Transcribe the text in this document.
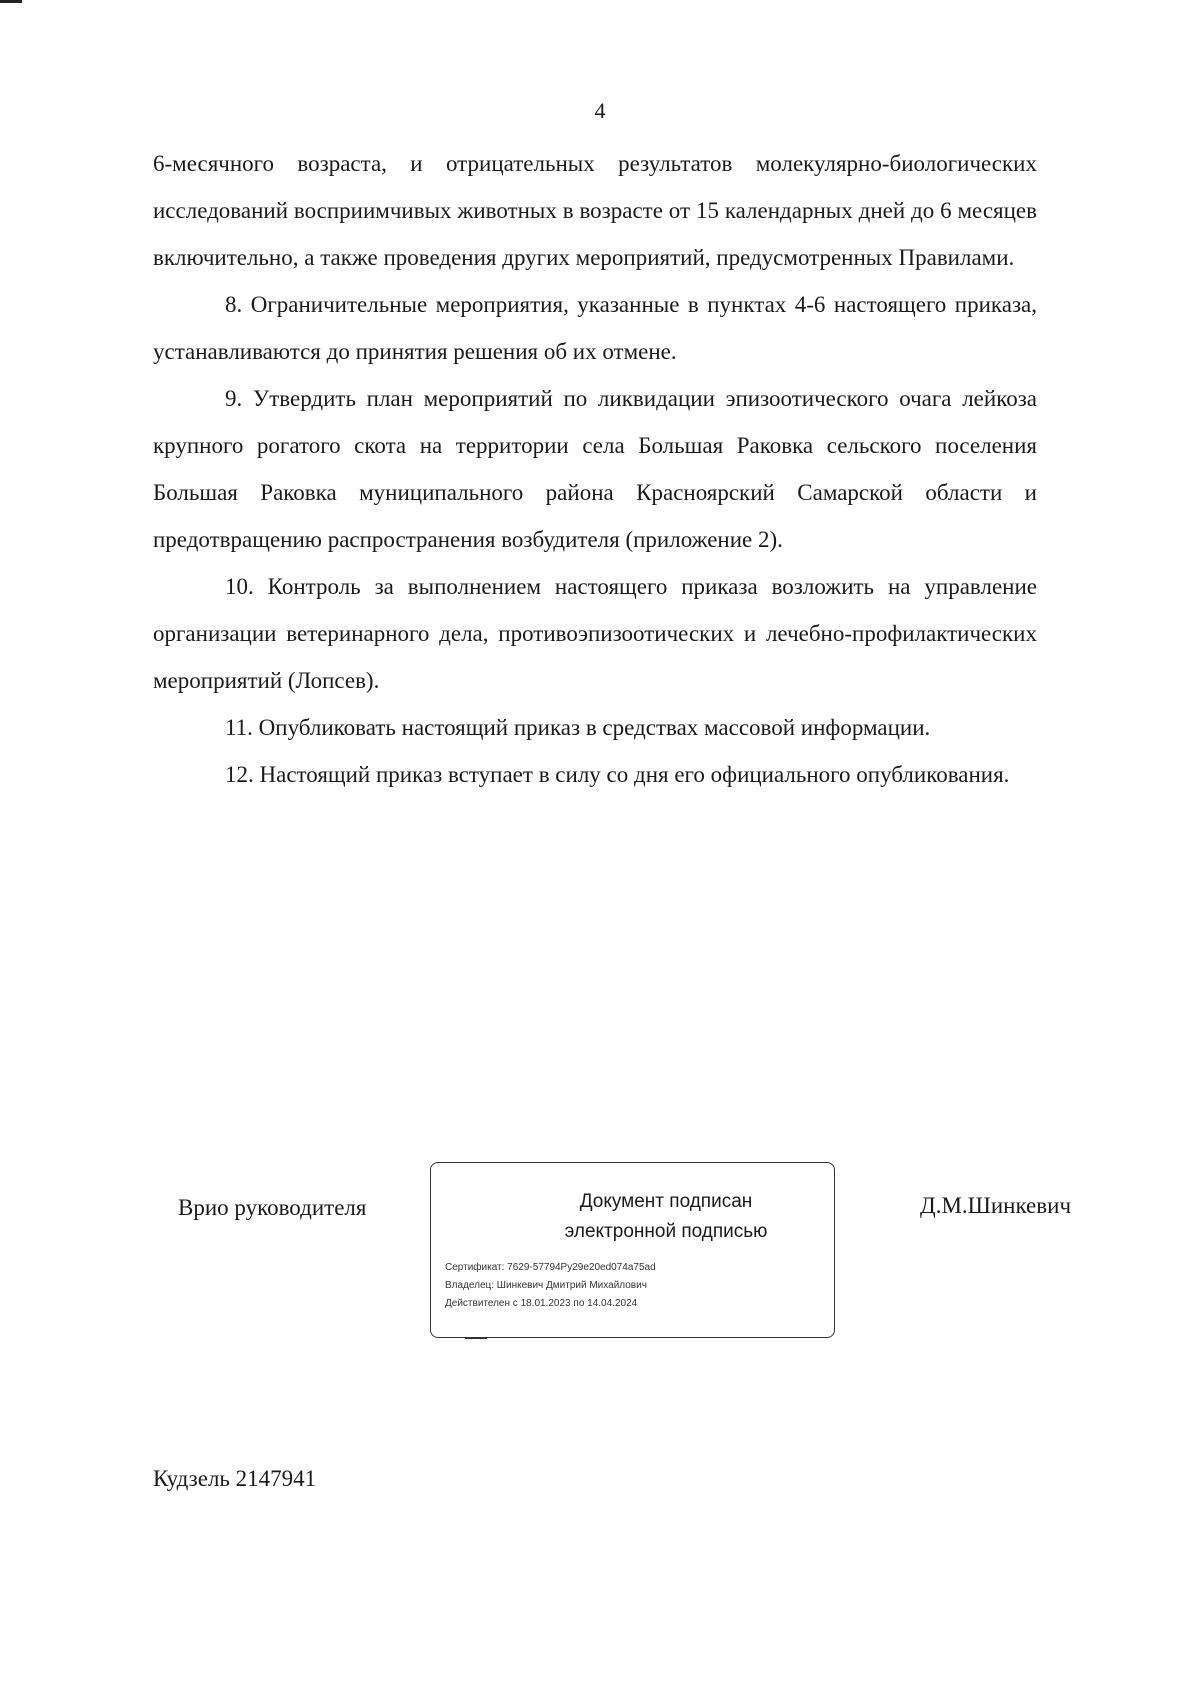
4

6-месячного возраста, и отрицательных результатов молекулярно-биологических исследований восприимчивых животных в возрасте от 15 календарных дней до 6 месяцев включительно, а также проведения других мероприятий, предусмотренных Правилами.

8. Ограничительные мероприятия, указанные в пунктах 4-6 настоящего приказа, устанавливаются до принятия решения об их отмене.

9. Утвердить план мероприятий по ликвидации эпизоотического очага лейкоза крупного рогатого скота на территории села Большая Раковка сельского поселения Большая Раковка муниципального района Красноярский Самарской области и предотвращению распространения возбудителя (приложение 2).

10. Контроль за выполнением настоящего приказа возложить на управление организации ветеринарного дела, противоэпизоотических и лечебно-профилактических мероприятий (Лопсев).

11. Опубликовать настоящий приказ в средствах массовой информации.

12. Настоящий приказ вступает в силу со дня его официального опубликования.

Врио руководителя	Документ подписан
электронной подписью
Сертификат: 7629-57794Ру29е20еd074а75аd
Владелец: Шинкевич Дмитрий Михайлович
Действителен с 18.01.2023 по 14.04.2024
Д.М.Шинкевич
Кудзель 2147941
